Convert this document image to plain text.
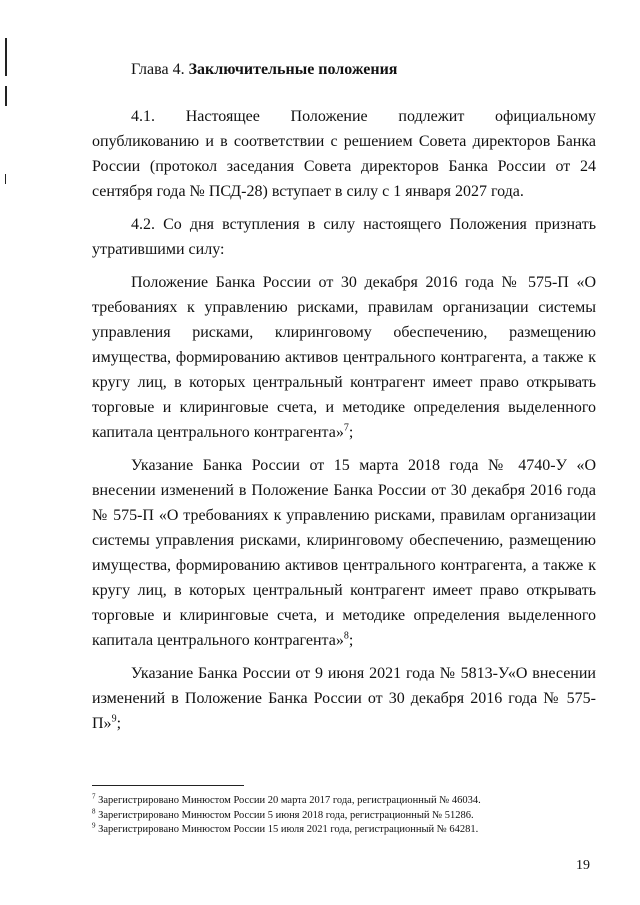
Глава 4. Заключительные положения

4.1. Настоящее Положение подлежит официальному опубликованию и в соответствии с решением Совета директоров Банка России (протокол заседания Совета директоров Банка России от 24 сентября года № ПСД-28) вступает в силу с 1 января 2027 года.

4.2. Со дня вступления в силу настоящего Положения признать утратившими силу:

Положение Банка России от 30 декабря 2016 года № 575-П «О требованиях к управлению рисками, правилам организации системы управления рисками, клиринговому обеспечению, размещению имущества, формированию активов центрального контрагента, а также к кругу лиц, в которых центральный контрагент имеет право открывать торговые и клиринговые счета, и методике определения выделенного капитала центрального контрагента»$^7$;

Указание Банка России от 15 марта 2018 года № 4740-У «О внесении изменений в Положение Банка России от 30 декабря 2016 года № 575-П «О требованиях к управлению рисками, правилам организации системы управления рисками, клиринговому обеспечению, размещению имущества, формированию активов центрального контрагента, а также к кругу лиц, в которых центральный контрагент имеет право открывать торговые и клиринговые счета, и методике определения выделенного капитала центрального контрагента»$^8$;

Указание Банка России от 9 июня 2021 года № 5813-У«О внесении изменений в Положение Банка России от 30 декабря 2016 года № 575-П»$^9$;

$^7$ Зарегистрировано Минюстом России 20 марта 2017 года, регистрационный № 46034.
$^8$ Зарегистрировано Минюстом России 5 июня 2018 года, регистрационный № 51286.
$^9$ Зарегистрировано Минюстом России 15 июля 2021 года, регистрационный № 64281.
19
